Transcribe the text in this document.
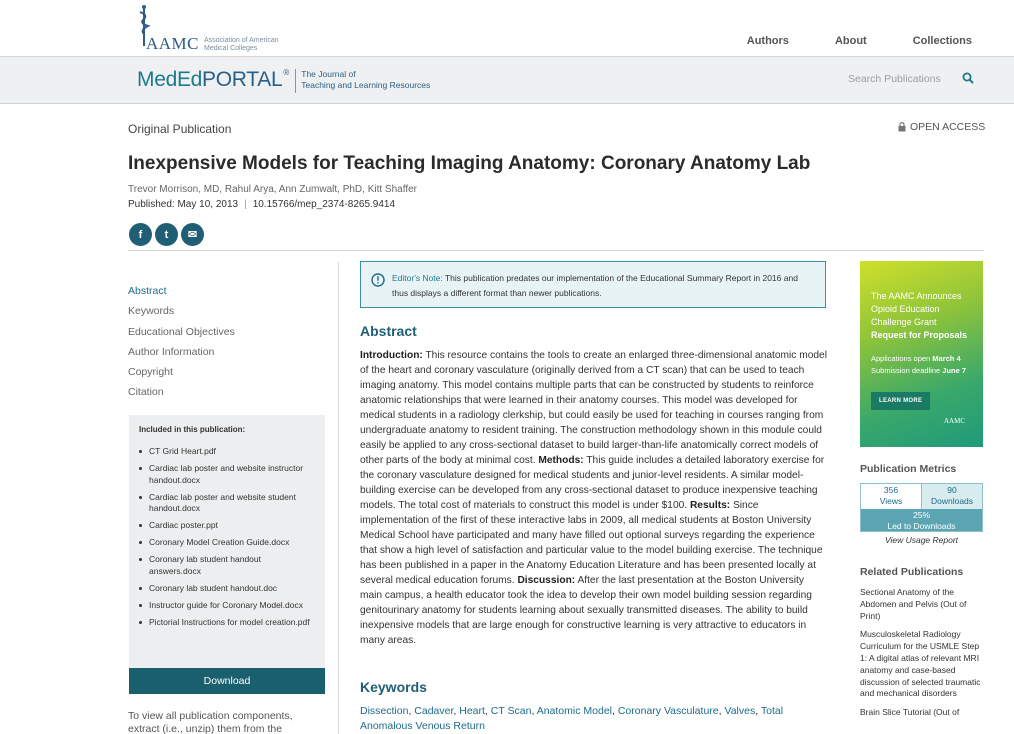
AAMC Association of American Medical Colleges
Authors	About	Collections
MedEdPORTAL ® The Journal of
Teaching and Learning Resources	Search Publications
Original Publication	OPEN ACCESS
Inexpensive Models for Teaching Imaging Anatomy: Coronary Anatomy Lab
Trevor Morrison, MD, Rahul Arya, Ann Zumwalt, PhD, Kitt Shaffer
Published: May 10, 2013 | 10.15766/mep_2374-8265.9414
f	t	✉
Abstract
Keywords
Educational Objectives
Author Information
Copyright
Citation
Included in this publication:
CT Grid Heart.pdf
Cardiac lab poster and website instructor handout.docx
Cardiac lab poster and website student handout.docx
Cardiac poster.ppt
Coronary Model Creation Guide.docx
Coronary lab student handout answers.docx
Coronary lab student handout.doc
Instructor guide for Coronary Model.docx
Pictorial Instructions for model creation.pdf
Download
To view all publication components, extract (i.e., unzip) them from the
Editor's Note: This publication predates our implementation of the Educational Summary Report in 2016 and thus displays a different format than newer publications.
Abstract
Introduction: This resource contains the tools to create an enlarged three-dimensional anatomic model of the heart and coronary vasculature (originally derived from a CT scan) that can be used to teach imaging anatomy. This model contains multiple parts that can be constructed by students to reinforce anatomic relationships that were learned in their anatomy courses. This model was developed for medical students in a radiology clerkship, but could easily be used for teaching in courses ranging from undergraduate anatomy to resident training. The construction methodology shown in this module could easily be applied to any cross-sectional dataset to build larger-than-life anatomically correct models of other parts of the body at minimal cost. Methods: This guide includes a detailed laboratory exercise for the coronary vasculature designed for medical students and junior-level residents. A similar model-building exercise can be developed from any cross-sectional dataset to produce inexpensive teaching models. The total cost of materials to construct this model is under $100. Results: Since implementation of the first of these interactive labs in 2009, all medical students at Boston University Medical School have participated and many have filled out optional surveys regarding the experience that show a high level of satisfaction and particular value to the model building exercise. The technique has been published in a paper in the Anatomy Education Literature and has been presented locally at several medical education forums. Discussion: After the last presentation at the Boston University main campus, a health educator took the idea to develop their own model building session regarding genitourinary anatomy for students learning about sexually transmitted diseases. The ability to build inexpensive models that are large enough for constructive learning is very attractive to educators in many areas.
Keywords
Dissection, Cadaver, Heart, CT Scan, Anatomic Model, Coronary Vasculature, Valves, Total Anomalous Venous Return
The AAMC Announces Opioid Education Challenge Grant
Request for Proposals
Applications open March 4
Submission deadline June 7
LEARN MORE
AAMC
Publication Metrics
356
Views
90
Downloads
25%
Led to Downloads
View Usage Report
Related Publications
Sectional Anatomy of the Abdomen and Pelvis (Out of Print)
Musculoskeletal Radiology Curriculum for the USMLE Step 1: A digital atlas of relevant MRI anatomy and case-based discussion of selected traumatic and mechanical disorders
Brain Slice Tutorial (Out of
